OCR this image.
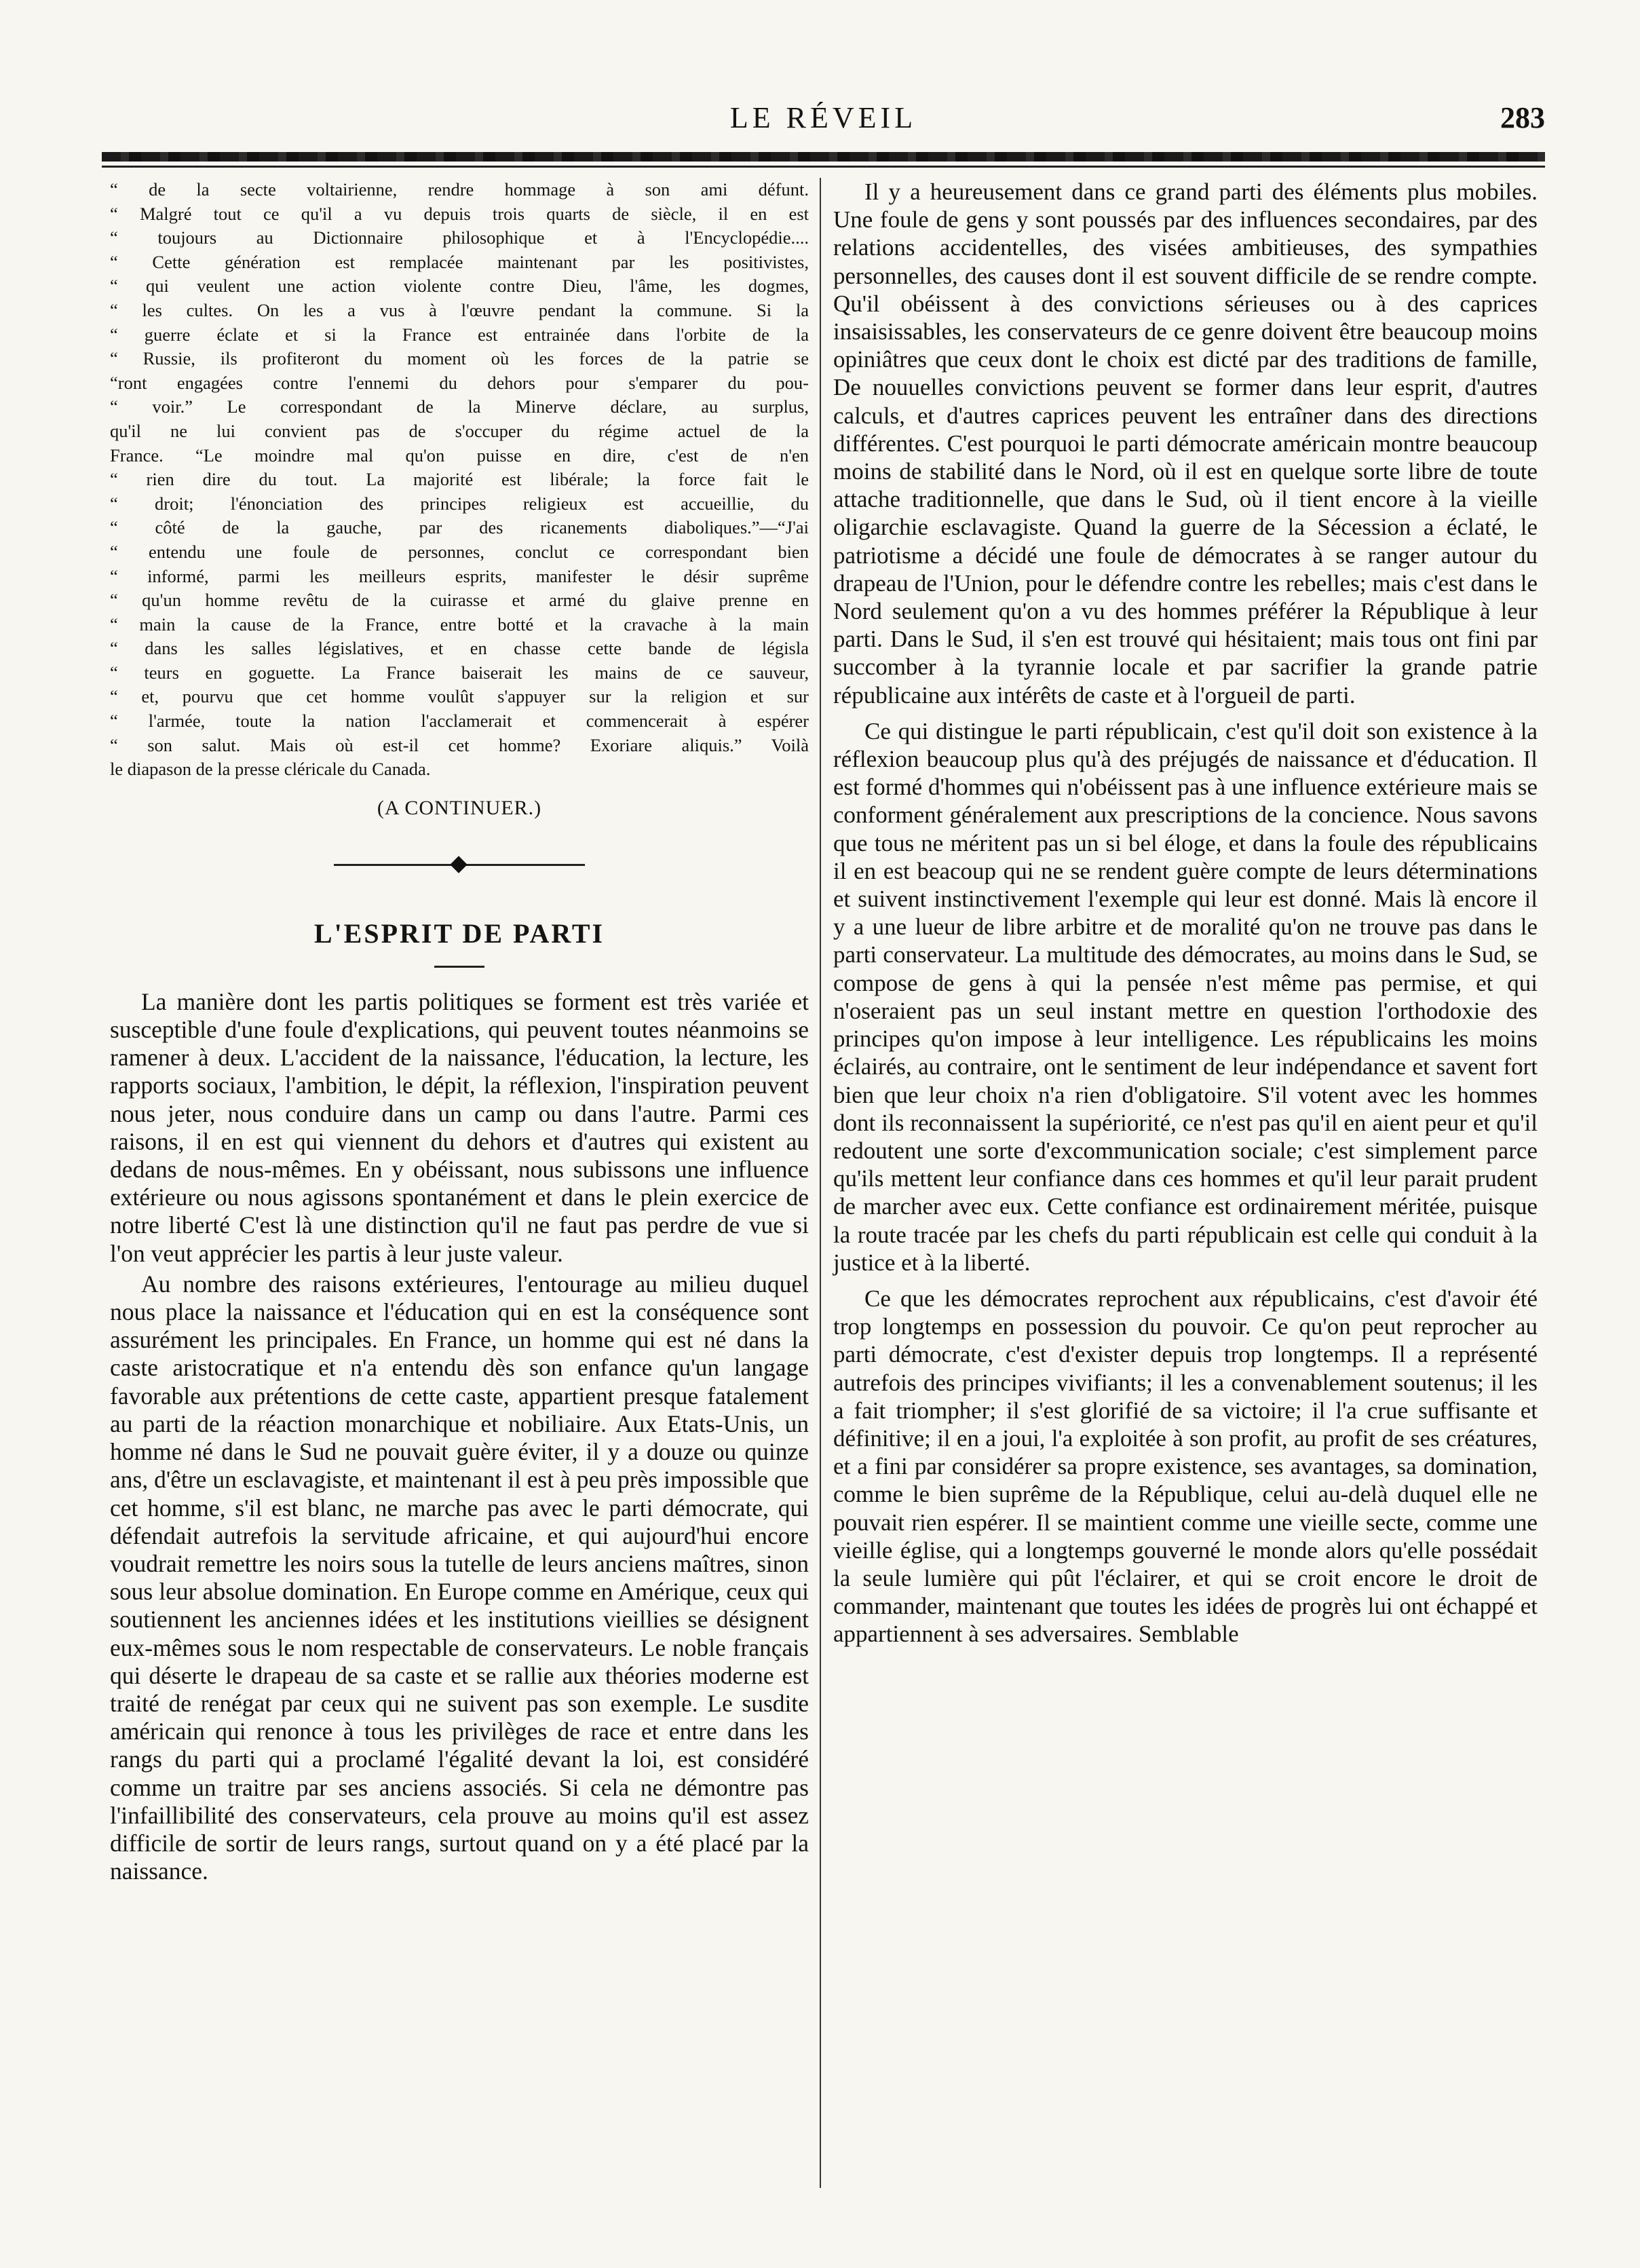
LE RÉVEIL	283

“ de la secte voltairienne, rendre hommage à son ami défunt.

“ Malgré tout ce qu'il a vu depuis trois quarts de siècle, il en est

“ toujours au Dictionnaire philosophique et à l'Encyclopédie....

“ Cette génération est remplacée maintenant par les positivistes,

“ qui veulent une action violente contre Dieu, l'âme, les dogmes,

“ les cultes. On les a vus à l'œuvre pendant la commune. Si la

“ guerre éclate et si la France est entrainée dans l'orbite de la

“ Russie, ils profiteront du moment où les forces de la patrie se

“ront engagées contre l'ennemi du dehors pour s'emparer du pou-

“ voir.” Le correspondant de la Minerve déclare, au surplus,

qu'il ne lui convient pas de s'occuper du régime actuel de la

France. “Le moindre mal qu'on puisse en dire, c'est de n'en

“ rien dire du tout. La majorité est libérale; la force fait le

“ droit; l'énonciation des principes religieux est accueillie, du

“ côté de la gauche, par des ricanements diaboliques.”—“J'ai

“ entendu une foule de personnes, conclut ce correspondant bien

“ informé, parmi les meilleurs esprits, manifester le désir suprême

“ qu'un homme revêtu de la cuirasse et armé du glaive prenne en

“ main la cause de la France, entre botté et la cravache à la main

“ dans les salles législatives, et en chasse cette bande de législa

“ teurs en goguette. La France baiserait les mains de ce sauveur,

“ et, pourvu que cet homme voulût s'appuyer sur la religion et sur

“ l'armée, toute la nation l'acclamerait et commencerait à espérer

“ son salut. Mais où est-il cet homme? Exoriare aliquis.” Voilà

le diapason de la presse cléricale du Canada.

(A CONTINUER.)
L'ESPRIT DE PARTI

La manière dont les partis politiques se forment est très variée et susceptible d'une foule d'explications, qui peuvent toutes néanmoins se ramener à deux. L'accident de la naissance, l'éducation, la lecture, les rapports sociaux, l'ambition, le dépit, la réflexion, l'inspiration peuvent nous jeter, nous conduire dans un camp ou dans l'autre. Parmi ces raisons, il en est qui viennent du dehors et d'autres qui existent au dedans de nous-mêmes. En y obéissant, nous subissons une influence extérieure ou nous agissons spontanément et dans le plein exercice de notre liberté C'est là une distinction qu'il ne faut pas perdre de vue si l'on veut apprécier les partis à leur juste valeur.

Au nombre des raisons extérieures, l'entourage au milieu duquel nous place la naissance et l'éducation qui en est la conséquence sont assurément les principales. En France, un homme qui est né dans la caste aristocratique et n'a entendu dès son enfance qu'un langage favorable aux prétentions de cette caste, appartient presque fatalement au parti de la réaction monarchique et nobiliaire. Aux Etats-Unis, un homme né dans le Sud ne pouvait guère éviter, il y a douze ou quinze ans, d'être un esclavagiste, et maintenant il est à peu près impossible que cet homme, s'il est blanc, ne marche pas avec le parti démocrate, qui défendait autrefois la servitude africaine, et qui aujourd'hui encore voudrait remettre les noirs sous la tutelle de leurs anciens maîtres, sinon sous leur absolue domination. En Europe comme en Amérique, ceux qui soutiennent les anciennes idées et les institutions vieillies se désignent eux-mêmes sous le nom respectable de conservateurs. Le noble français qui déserte le drapeau de sa caste et se rallie aux théories moderne est traité de renégat par ceux qui ne suivent pas son exemple. Le susdite américain qui renonce à tous les privilèges de race et entre dans les rangs du parti qui a proclamé l'égalité devant la loi, est considéré comme un traitre par ses anciens associés. Si cela ne démontre pas l'infaillibilité des conservateurs, cela prouve au moins qu'il est assez difficile de sortir de leurs rangs, surtout quand on y a été placé par la naissance.

Il y a heureusement dans ce grand parti des éléments plus mobiles. Une foule de gens y sont poussés par des influences secondaires, par des relations accidentelles, des visées ambitieuses, des sympathies personnelles, des causes dont il est souvent difficile de se rendre compte. Qu'il obéissent à des convictions sérieuses ou à des caprices insaisissables, les conservateurs de ce genre doivent être beaucoup moins opiniâtres que ceux dont le choix est dicté par des traditions de famille, De nouuelles convictions peuvent se former dans leur esprit, d'autres calculs, et d'autres caprices peuvent les entraîner dans des directions différentes. C'est pourquoi le parti démocrate américain montre beaucoup moins de stabilité dans le Nord, où il est en quelque sorte libre de toute attache traditionnelle, que dans le Sud, où il tient encore à la vieille oligarchie esclavagiste. Quand la guerre de la Sécession a éclaté, le patriotisme a décidé une foule de démocrates à se ranger autour du drapeau de l'Union, pour le défendre contre les rebelles; mais c'est dans le Nord seulement qu'on a vu des hommes préférer la République à leur parti. Dans le Sud, il s'en est trouvé qui hésitaient; mais tous ont fini par succomber à la tyrannie locale et par sacrifier la grande patrie républicaine aux intérêts de caste et à l'orgueil de parti.

Ce qui distingue le parti républicain, c'est qu'il doit son existence à la réflexion beaucoup plus qu'à des préjugés de naissance et d'éducation. Il est formé d'hommes qui n'obéissent pas à une influence extérieure mais se conforment généralement aux prescriptions de la concience. Nous savons que tous ne méritent pas un si bel éloge, et dans la foule des républicains il en est beacoup qui ne se rendent guère compte de leurs déterminations et suivent instinctivement l'exemple qui leur est donné. Mais là encore il y a une lueur de libre arbitre et de moralité qu'on ne trouve pas dans le parti conservateur. La multitude des démocrates, au moins dans le Sud, se compose de gens à qui la pensée n'est même pas permise, et qui n'oseraient pas un seul instant mettre en question l'orthodoxie des principes qu'on impose à leur intelligence. Les républicains les moins éclairés, au contraire, ont le sentiment de leur indépendance et savent fort bien que leur choix n'a rien d'obligatoire. S'il votent avec les hommes dont ils reconnaissent la supériorité, ce n'est pas qu'il en aient peur et qu'il redoutent une sorte d'excommunication sociale; c'est simplement parce qu'ils mettent leur confiance dans ces hommes et qu'il leur parait prudent de marcher avec eux. Cette confiance est ordinairement méritée, puisque la route tracée par les chefs du parti républicain est celle qui conduit à la justice et à la liberté.

Ce que les démocrates reprochent aux républicains, c'est d'avoir été trop longtemps en possession du pouvoir. Ce qu'on peut reprocher au parti démocrate, c'est d'exister depuis trop longtemps. Il a représenté autrefois des principes vivifiants; il les a convenablement soutenus; il les a fait triompher; il s'est glorifié de sa victoire; il l'a crue suffisante et définitive; il en a joui, l'a exploitée à son profit, au profit de ses créatures, et a fini par considérer sa propre existence, ses avantages, sa domination, comme le bien suprême de la République, celui au-delà duquel elle ne pouvait rien espérer. Il se maintient comme une vieille secte, comme une vieille église, qui a longtemps gouverné le monde alors qu'elle possédait la seule lumière qui pût l'éclairer, et qui se croit encore le droit de commander, maintenant que toutes les idées de progrès lui ont échappé et appartiennent à ses adversaires. Semblable
